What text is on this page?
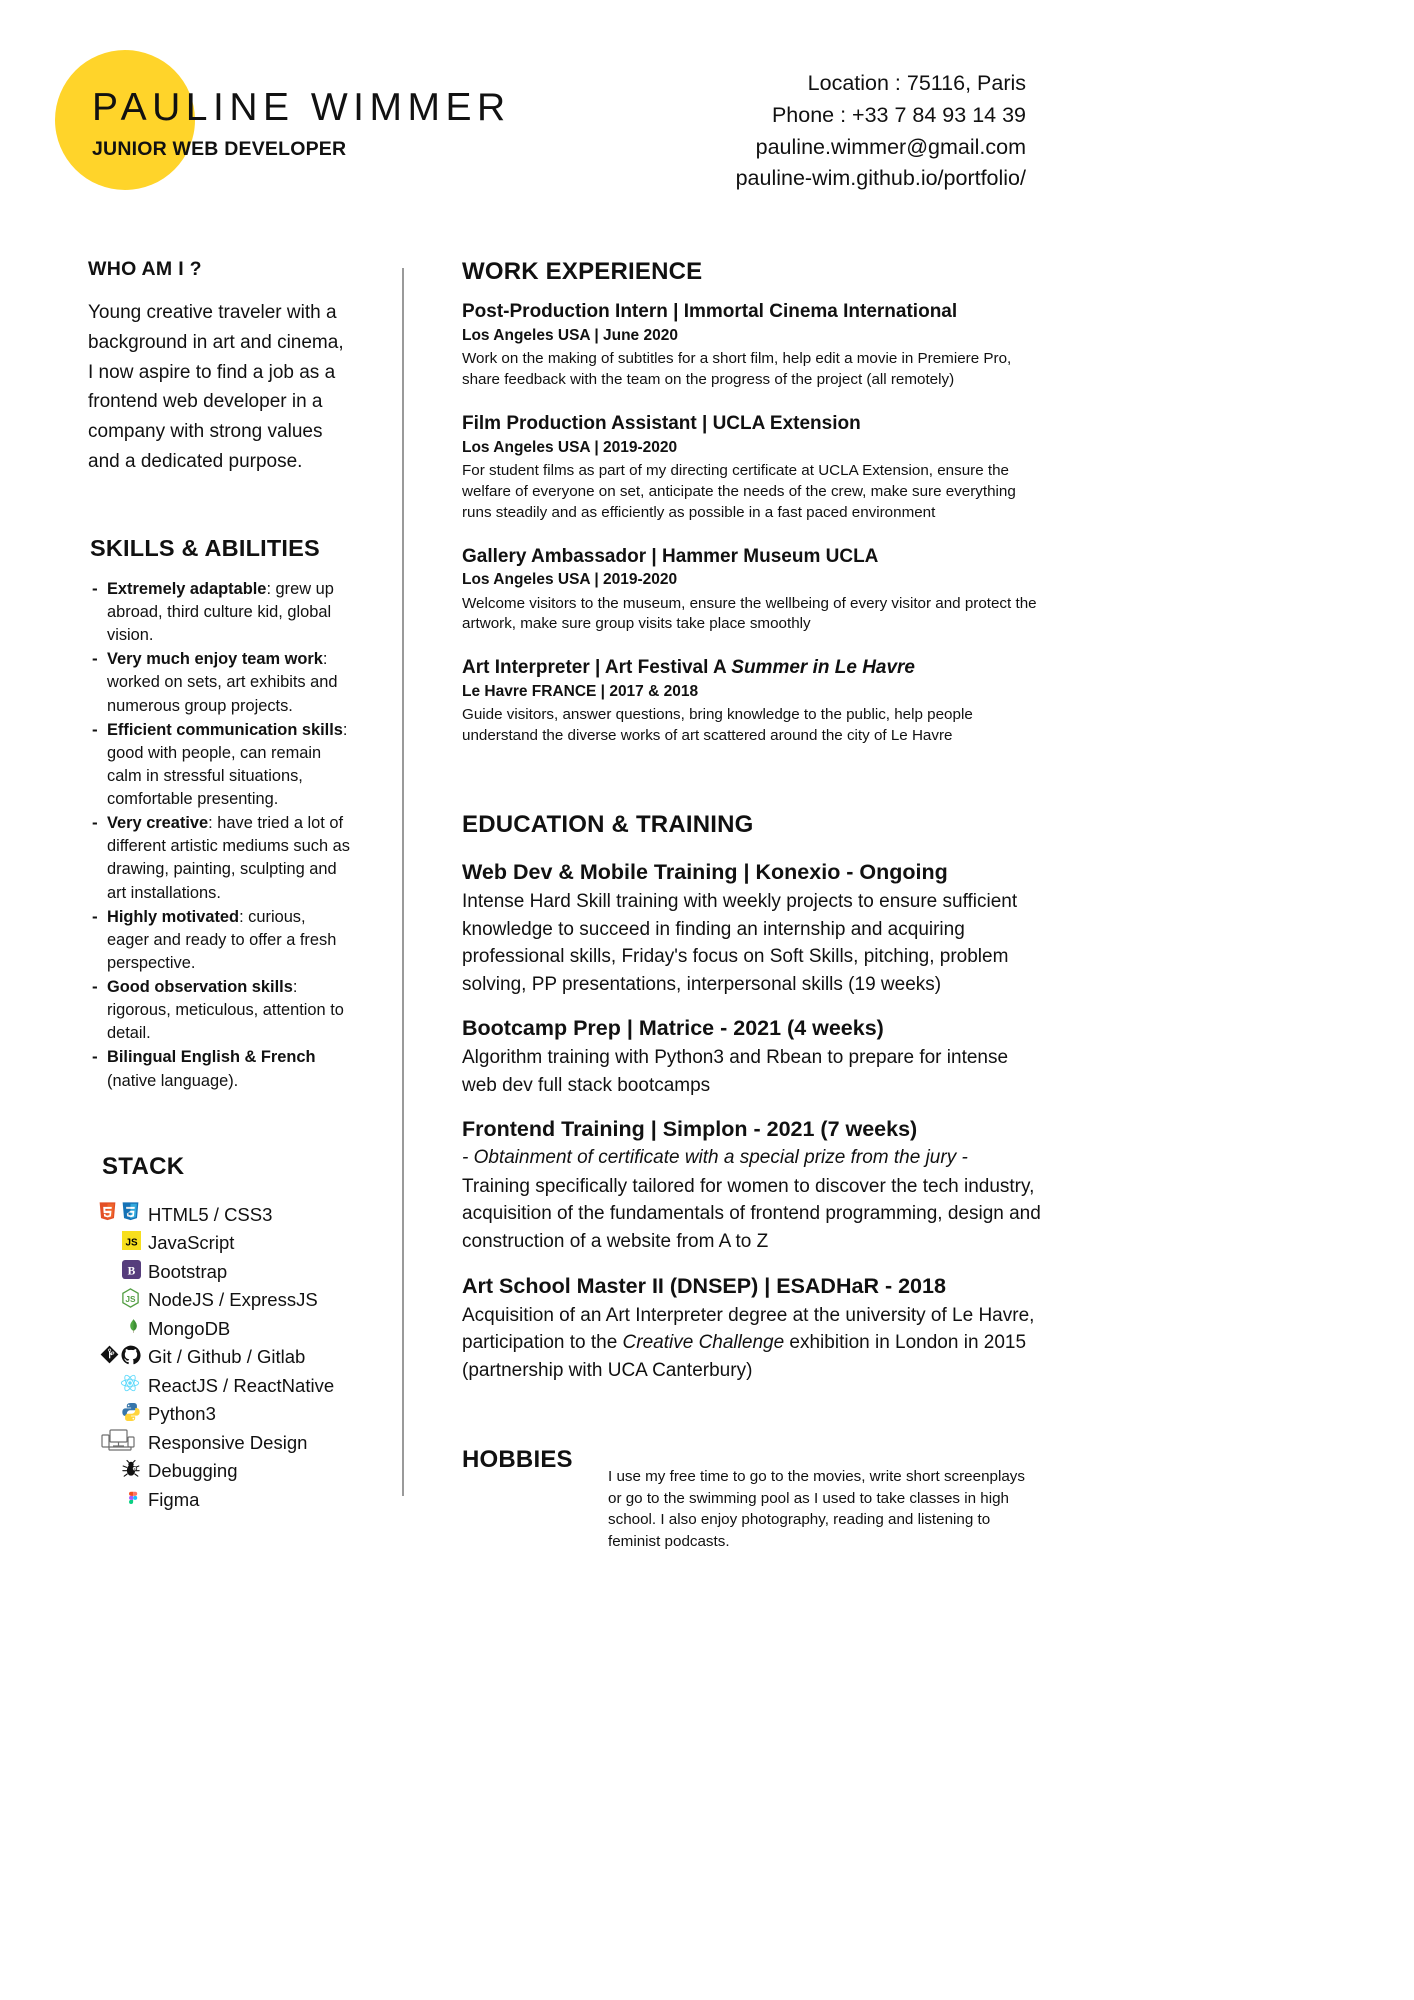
PAULINE WIMMER
JUNIOR WEB DEVELOPER
Location : 75116, Paris
Phone : +33 7 84 93 14 39
pauline.wimmer@gmail.com
pauline-wim.github.io/portfolio/
WHO AM I ?
Young creative traveler with a background in art and cinema, I now aspire to find a job as a frontend web developer in a company with strong values and a dedicated purpose.
SKILLS & ABILITIES
- Extremely adaptable: grew up abroad, third culture kid, global vision.
- Very much enjoy team work: worked on sets, art exhibits and numerous group projects.
- Efficient communication skills: good with people, can remain calm in stressful situations, comfortable presenting.
- Very creative: have tried a lot of different artistic mediums such as drawing, painting, sculpting and art installations.
- Highly motivated: curious, eager and ready to offer a fresh perspective.
- Good observation skills: rigorous, meticulous, attention to detail.
- Bilingual English & French (native language).
STACK
HTML5 / CSS3
JS JavaScript
B Bootstrap
JS NodeJS / ExpressJS
MongoDB
Git / Github / Gitlab
ReactJS / ReactNative
Python3
Responsive Design
db Debugging
Figma
WORK EXPERIENCE
Post-Production Intern | Immortal Cinema International
Los Angeles USA | June 2020
Work on the making of subtitles for a short film, help edit a movie in Premiere Pro, share feedback with the team on the progress of the project (all remotely)
Film Production Assistant | UCLA Extension
Los Angeles USA | 2019-2020
For student films as part of my directing certificate at UCLA Extension, ensure the welfare of everyone on set, anticipate the needs of the crew, make sure everything runs steadily and as efficiently as possible in a fast paced environment
Gallery Ambassador | Hammer Museum UCLA
Los Angeles USA | 2019-2020
Welcome visitors to the museum, ensure the wellbeing of every visitor and protect the artwork, make sure group visits take place smoothly
Art Interpreter | Art Festival A Summer in Le Havre
Le Havre FRANCE | 2017 & 2018
Guide visitors, answer questions, bring knowledge to the public, help people understand the diverse works of art scattered around the city of Le Havre
EDUCATION & TRAINING
Web Dev & Mobile Training | Konexio - Ongoing
Intense Hard Skill training with weekly projects to ensure sufficient knowledge to succeed in finding an internship and acquiring professional skills, Friday's focus on Soft Skills, pitching, problem solving, PP presentations, interpersonal skills (19 weeks)
Bootcamp Prep | Matrice - 2021 (4 weeks)
Algorithm training with Python3 and Rbean to prepare for intense web dev full stack bootcamps
Frontend Training | Simplon - 2021 (7 weeks)
- Obtainment of certificate with a special prize from the jury -
Training specifically tailored for women to discover the tech industry, acquisition of the fundamentals of frontend programming, design and construction of a website from A to Z
Art School Master II (DNSEP) | ESADHaR - 2018
Acquisition of an Art Interpreter degree at the university of Le Havre, participation to the Creative Challenge exhibition in London in 2015 (partnership with UCA Canterbury)
HOBBIES
I use my free time to go to the movies, write short screenplays or go to the swimming pool as I used to take classes in high school. I also enjoy photography, reading and listening to feminist podcasts.
